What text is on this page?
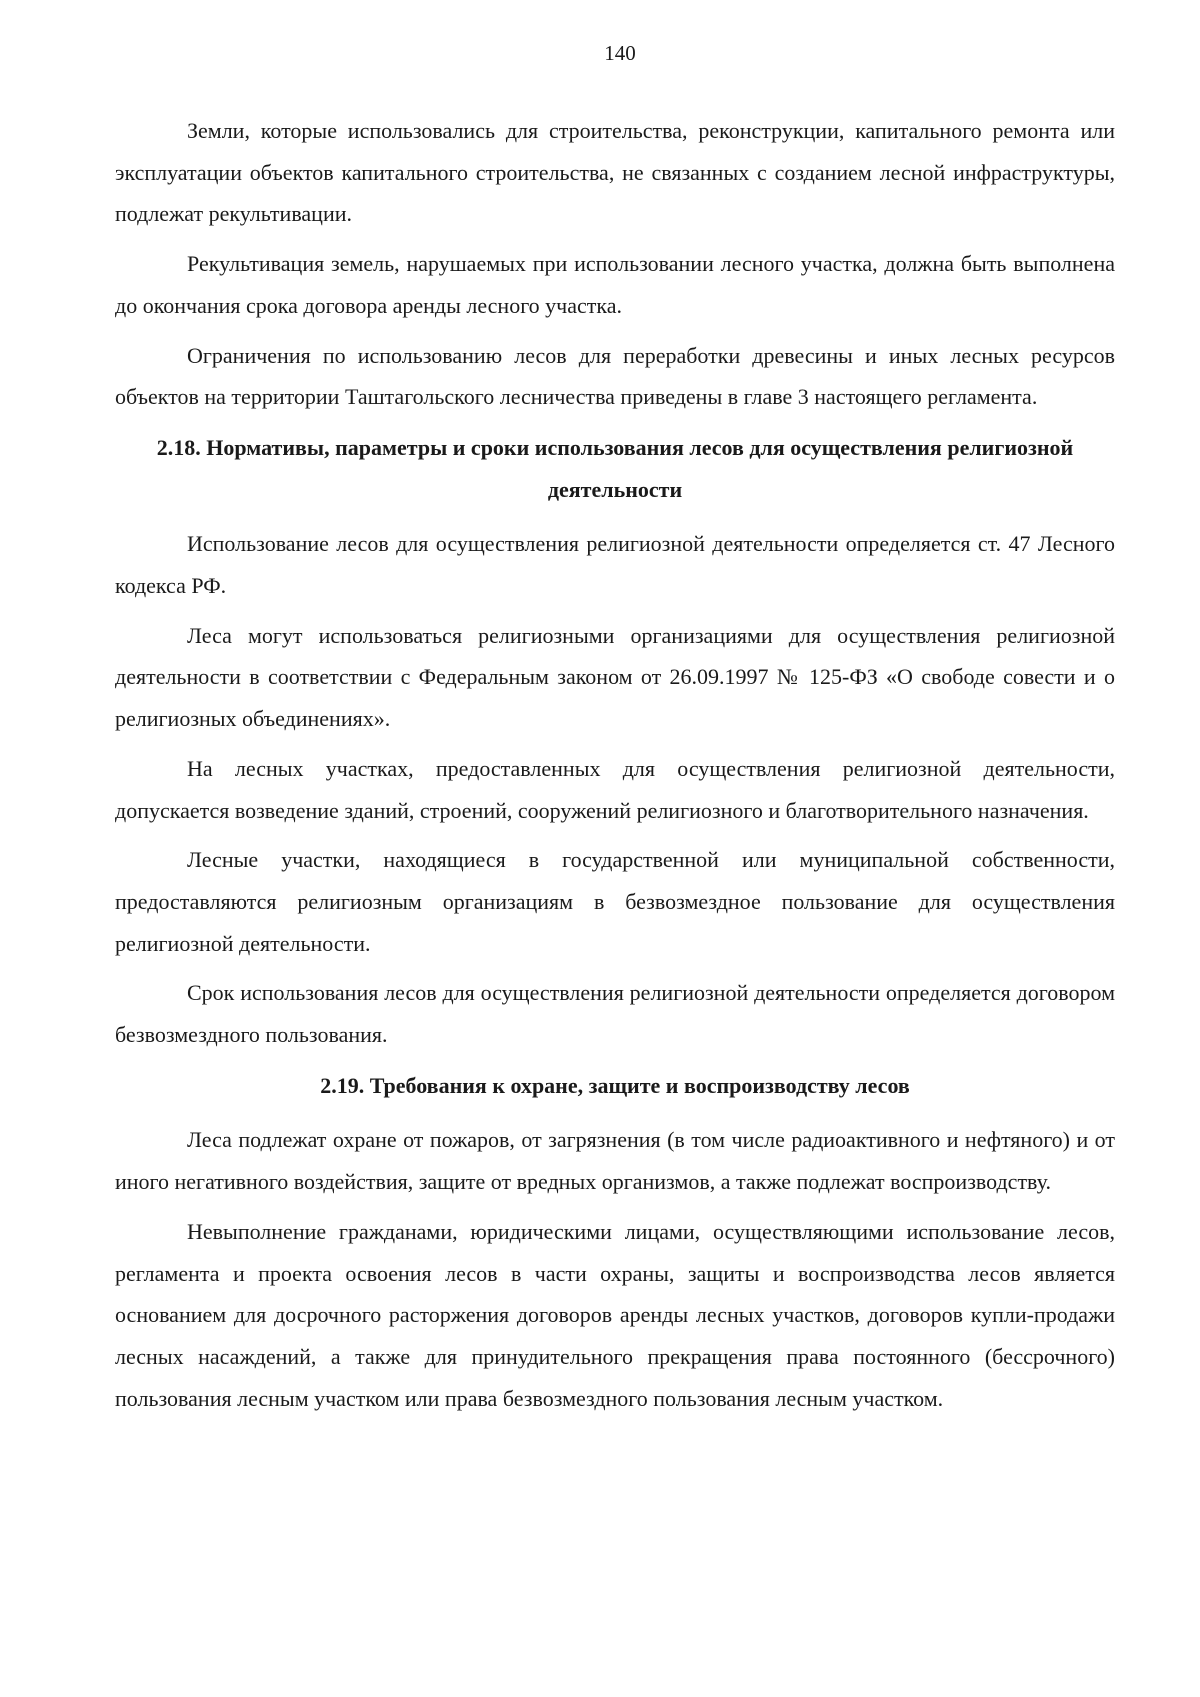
140

Земли, которые использовались для строительства, реконструкции, капитального ремонта или эксплуатации объектов капитального строительства, не связанных с созданием лесной инфраструктуры, подлежат рекультивации.

Рекультивация земель, нарушаемых при использовании лесного участка, должна быть выполнена до окончания срока договора аренды лесного участка.

Ограничения по использованию лесов для переработки древесины и иных лесных ресурсов объектов на территории Таштагольского лесничества приведены в главе 3 настоящего регламента.

2.18. Нормативы, параметры и сроки использования лесов для осуществления религиозной деятельности

Использование лесов для осуществления религиозной деятельности определяется ст. 47 Лесного кодекса РФ.

Леса могут использоваться религиозными организациями для осуществления религиозной деятельности в соответствии с Федеральным законом от 26.09.1997 № 125-ФЗ «О свободе совести и о религиозных объединениях».

На лесных участках, предоставленных для осуществления религиозной деятельности, допускается возведение зданий, строений, сооружений религиозного и благотворительного назначения.

Лесные участки, находящиеся в государственной или муниципальной собственности, предоставляются религиозным организациям в безвозмездное пользование для осуществления религиозной деятельности.

Срок использования лесов для осуществления религиозной деятельности определяется договором безвозмездного пользования.

2.19. Требования к охране, защите и воспроизводству лесов

Леса подлежат охране от пожаров, от загрязнения (в том числе радиоактивного и нефтяного) и от иного негативного воздействия, защите от вредных организмов, а также подлежат воспроизводству.

Невыполнение гражданами, юридическими лицами, осуществляющими использование лесов, регламента и проекта освоения лесов в части охраны, защиты и воспроизводства лесов является основанием для досрочного расторжения договоров аренды лесных участков, договоров купли-продажи лесных насаждений, а также для принудительного прекращения права постоянного (бессрочного) пользования лесным участком или права безвозмездного пользования лесным участком.
